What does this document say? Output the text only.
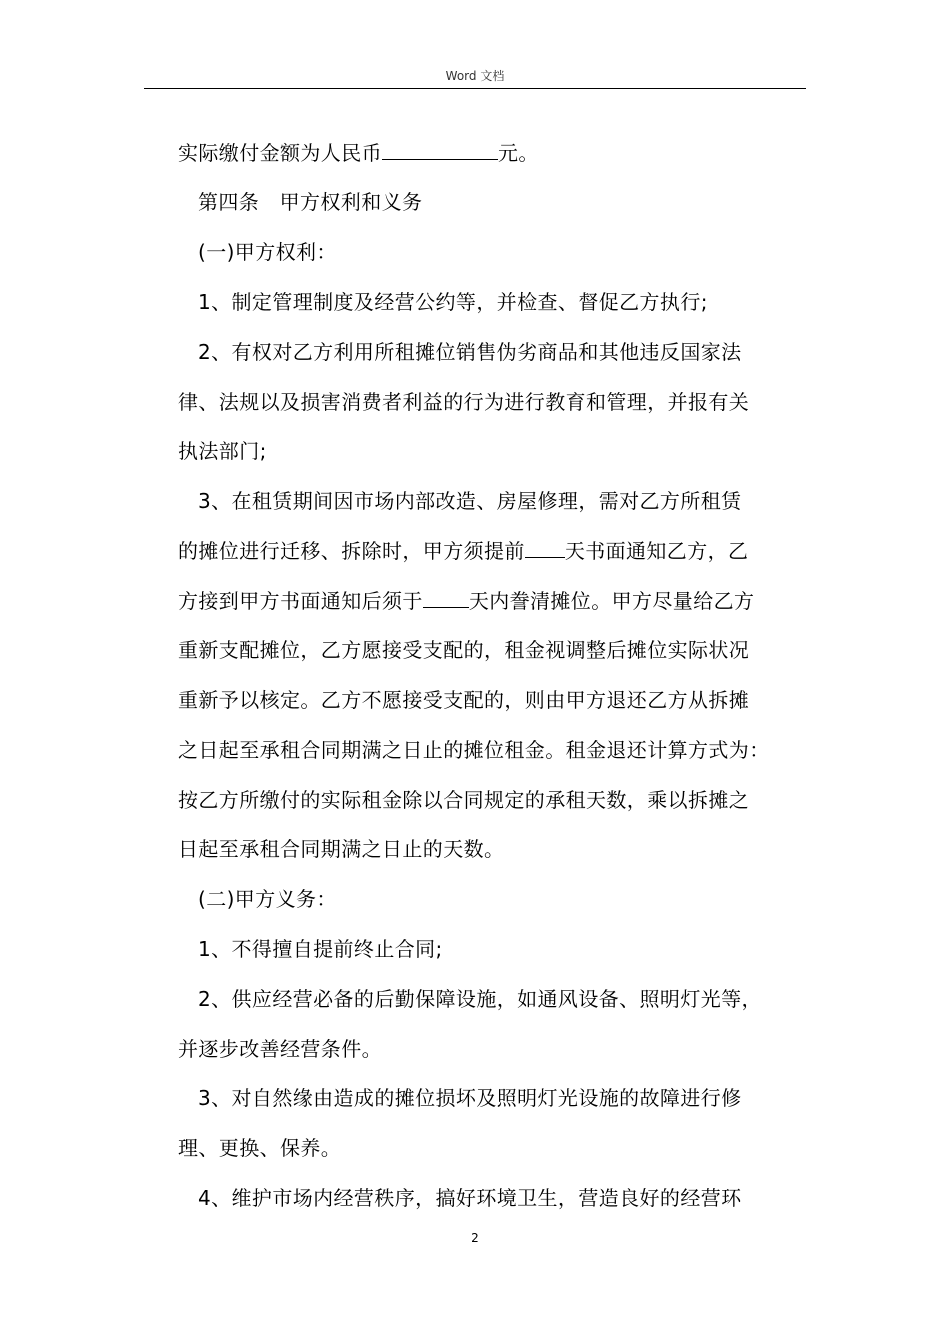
Word 文档
实际缴付金额为人民币	元。
第四条　甲方权利和义务
(一)甲方权利：
1、制定管理制度及经营公约等，并检查、督促乙方执行;
2、有权对乙方利用所租摊位销售伪劣商品和其他违反国家法
律、法规以及损害消费者利益的行为进行教育和管理，并报有关
执法部门;
3、在租赁期间因市场内部改造、房屋修理，需对乙方所租赁
的摊位进行迁移、拆除时，甲方须提前 天书面通知乙方，乙
方接到甲方书面通知后须于 天内誊清摊位。甲方尽量给乙方
重新支配摊位，乙方愿接受支配的，租金视调整后摊位实际状况
重新予以核定。乙方不愿接受支配的，则由甲方退还乙方从拆摊
之日起至承租合同期满之日止的摊位租金。租金退还计算方式为：
按乙方所缴付的实际租金除以合同规定的承租天数，乘以拆摊之
日起至承租合同期满之日止的天数。
(二)甲方义务：
1、不得擅自提前终止合同;
2、供应经营必备的后勤保障设施，如通风设备、照明灯光等，
并逐步改善经营条件。
3、对自然缘由造成的摊位损坏及照明灯光设施的故障进行修
理、更换、保养。
4、维护市场内经营秩序，搞好环境卫生，营造良好的经营环
2
